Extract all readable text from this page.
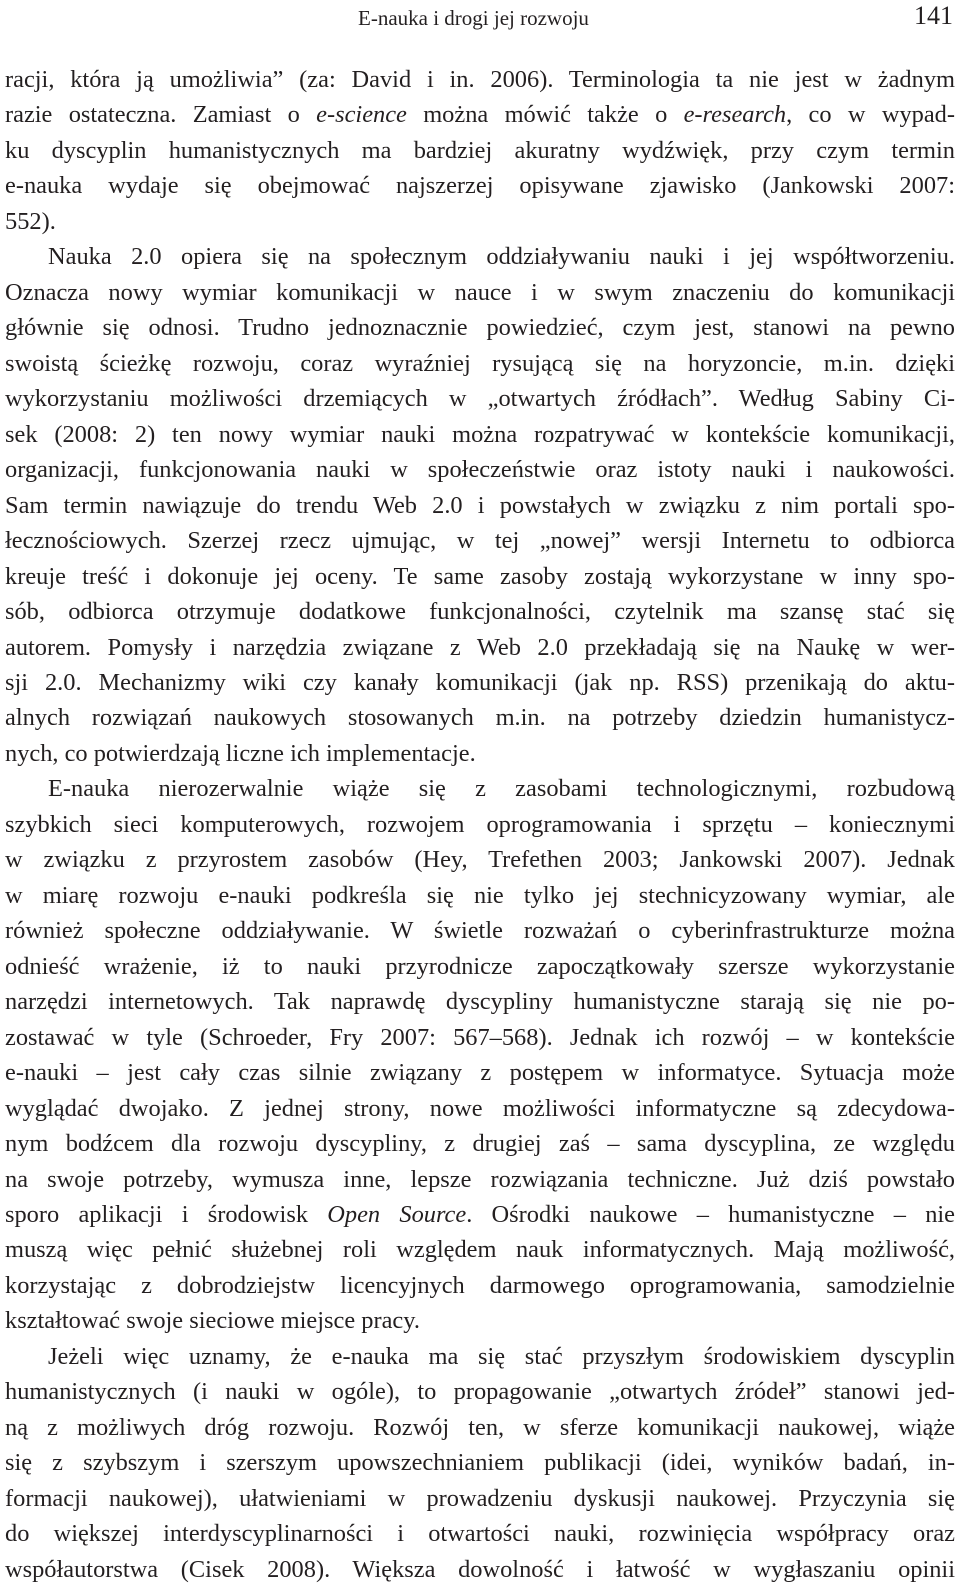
E-nauka i drogi jej rozwoju	141
racji, która ją umożliwia” (za: David i in. 2006). Terminologia ta nie jest w żadnym
razie ostateczna. Zamiast o e-science można mówić także o e-research, co w wypad-
ku dyscyplin humanistycznych ma bardziej akuratny wydźwięk, przy czym termin
e-nauka wydaje się obejmować najszerzej opisywane zjawisko (Jankowski 2007:
552).
Nauka 2.0 opiera się na społecznym oddziaływaniu nauki i jej współtworzeniu.
Oznacza nowy wymiar komunikacji w nauce i w swym znaczeniu do komunikacji
głównie się odnosi. Trudno jednoznacznie powiedzieć, czym jest, stanowi na pewno
swoistą ścieżkę rozwoju, coraz wyraźniej rysującą się na horyzoncie, m.in. dzięki
wykorzystaniu możliwości drzemiących w „otwartych źródłach”. Według Sabiny Ci-
sek (2008: 2) ten nowy wymiar nauki można rozpatrywać w kontekście komunikacji,
organizacji, funkcjonowania nauki w społeczeństwie oraz istoty nauki i naukowości.
Sam termin nawiązuje do trendu Web 2.0 i powstałych w związku z nim portali spo-
łecznościowych. Szerzej rzecz ujmując, w tej „nowej” wersji Internetu to odbiorca
kreuje treść i dokonuje jej oceny. Te same zasoby zostają wykorzystane w inny spo-
sób, odbiorca otrzymuje dodatkowe funkcjonalności, czytelnik ma szansę stać się
autorem. Pomysły i narzędzia związane z Web 2.0 przekładają się na Naukę w wer-
sji 2.0. Mechanizmy wiki czy kanały komunikacji (jak np. RSS) przenikają do aktu-
alnych rozwiązań naukowych stosowanych m.in. na potrzeby dziedzin humanistycz-
nych, co potwierdzają liczne ich implementacje.
E-nauka nierozerwalnie wiąże się z zasobami technologicznymi, rozbudową
szybkich sieci komputerowych, rozwojem oprogramowania i sprzętu – koniecznymi
w związku z przyrostem zasobów (Hey, Trefethen 2003; Jankowski 2007). Jednak
w miarę rozwoju e-nauki podkreśla się nie tylko jej stechnicyzowany wymiar, ale
również społeczne oddziaływanie. W świetle rozważań o cyberinfrastrukturze można
odnieść wrażenie, iż to nauki przyrodnicze zapoczątkowały szersze wykorzystanie
narzędzi internetowych. Tak naprawdę dyscypliny humanistyczne starają się nie po-
zostawać w tyle (Schroeder, Fry 2007: 567–568). Jednak ich rozwój – w kontekście
e-nauki – jest cały czas silnie związany z postępem w informatyce. Sytuacja może
wyglądać dwojako. Z jednej strony, nowe możliwości informatyczne są zdecydowa-
nym bodźcem dla rozwoju dyscypliny, z drugiej zaś – sama dyscyplina, ze względu
na swoje potrzeby, wymusza inne, lepsze rozwiązania techniczne. Już dziś powstało
sporo aplikacji i środowisk Open Source. Ośrodki naukowe – humanistyczne – nie
muszą więc pełnić służebnej roli względem nauk informatycznych. Mają możliwość,
korzystając z dobrodziejstw licencyjnych darmowego oprogramowania, samodzielnie
kształtować swoje sieciowe miejsce pracy.
Jeżeli więc uznamy, że e-nauka ma się stać przyszłym środowiskiem dyscyplin
humanistycznych (i nauki w ogóle), to propagowanie „otwartych źródeł” stanowi jed-
ną z możliwych dróg rozwoju. Rozwój ten, w sferze komunikacji naukowej, wiąże
się z szybszym i szerszym upowszechnianiem publikacji (idei, wyników badań, in-
formacji naukowej), ułatwieniami w prowadzeniu dyskusji naukowej. Przyczynia się
do większej interdyscyplinarności i otwartości nauki, rozwinięcia współpracy oraz
współautorstwa (Cisek 2008). Większa dowolność i łatwość w wygłaszaniu opinii
